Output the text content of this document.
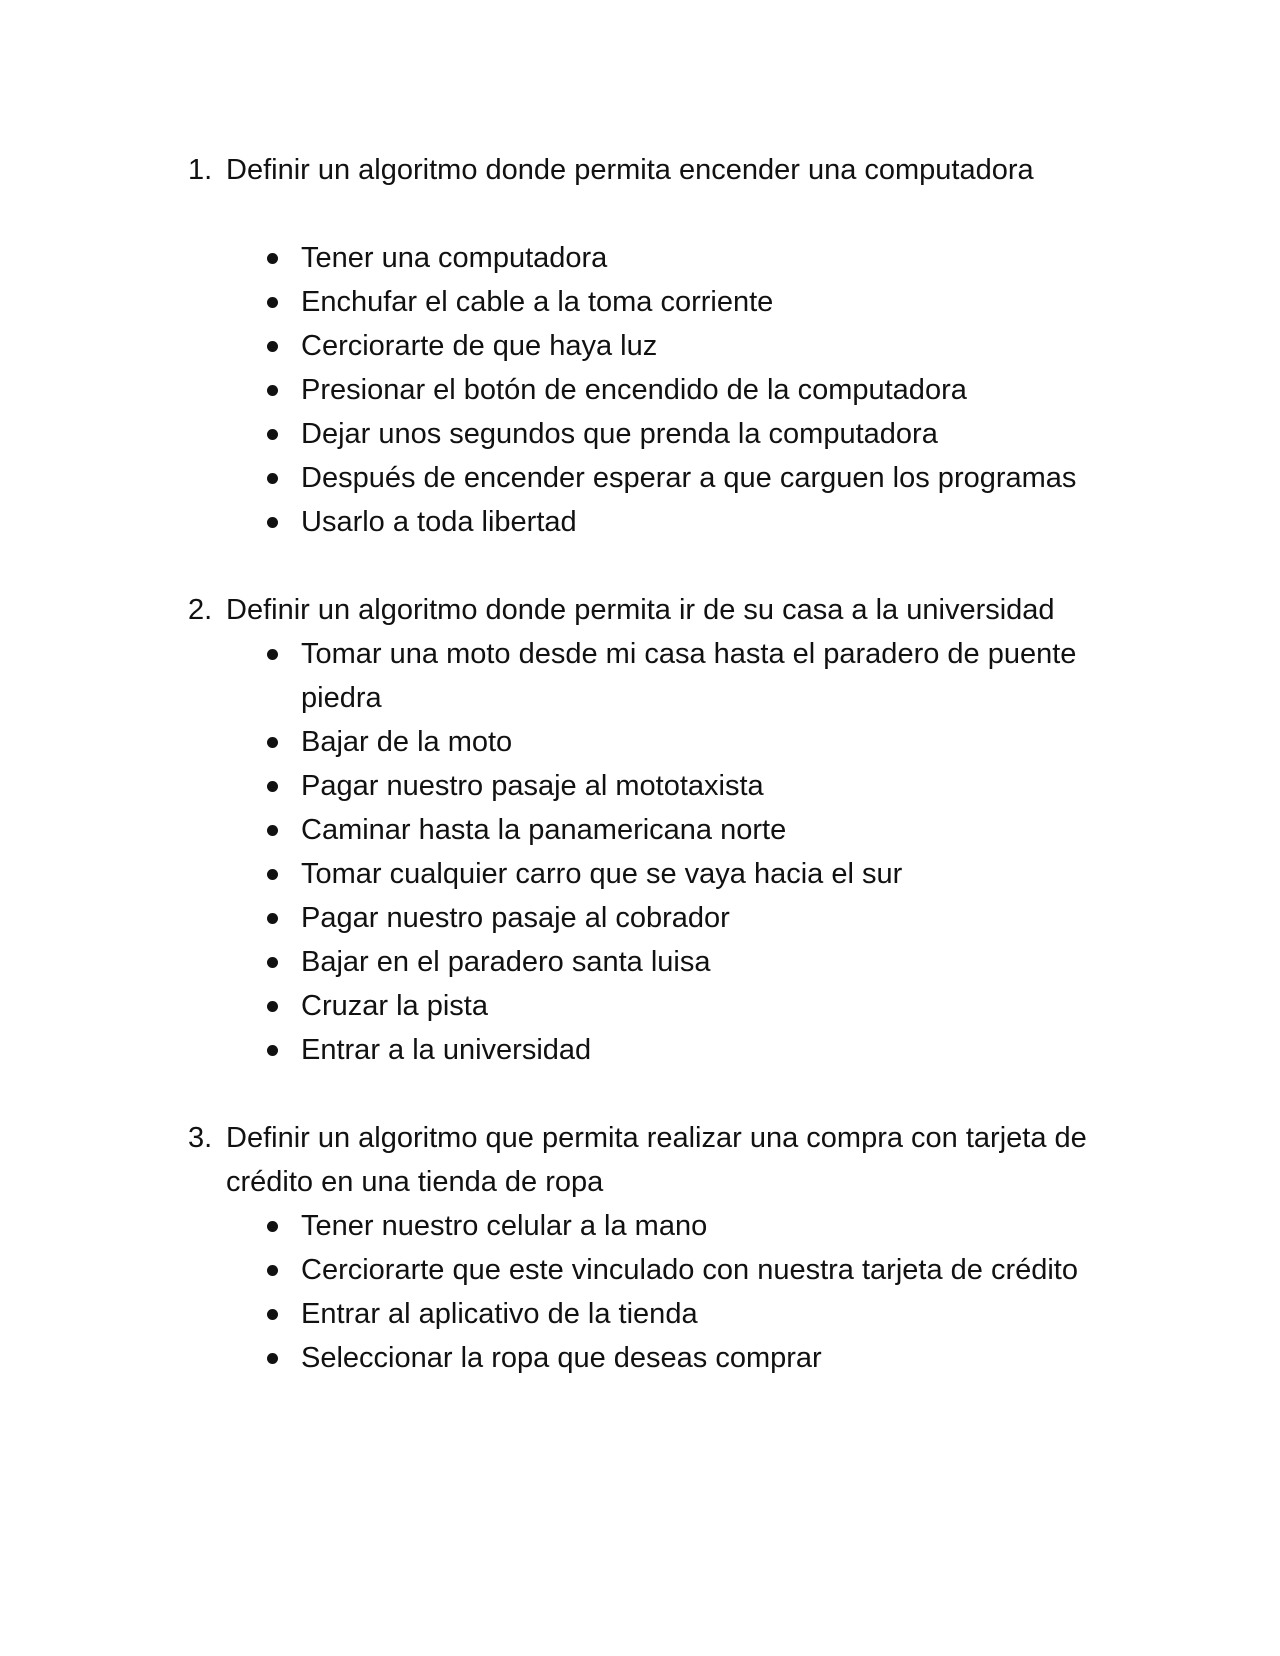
1. Definir un algoritmo donde permita encender una computadora
Tener una computadora
Enchufar el cable a la toma corriente
Cerciorarte de que haya luz
Presionar el botón de encendido de la computadora
Dejar unos segundos que prenda la computadora
Después de encender esperar a que carguen los programas
Usarlo a toda libertad
2. Definir un algoritmo donde permita ir de su casa a la universidad
Tomar una moto desde mi casa hasta el paradero de puente piedra
Bajar de la moto
Pagar nuestro pasaje al mototaxista
Caminar hasta la panamericana norte
Tomar cualquier carro que se vaya hacia el sur
Pagar nuestro pasaje al cobrador
Bajar en el paradero santa luisa
Cruzar la pista
Entrar a la universidad
3. Definir un algoritmo que permita realizar una compra con tarjeta de crédito en una tienda de ropa
Tener nuestro celular a la mano
Cerciorarte que este vinculado con nuestra tarjeta de crédito
Entrar al aplicativo de la tienda
Seleccionar la ropa que deseas comprar
